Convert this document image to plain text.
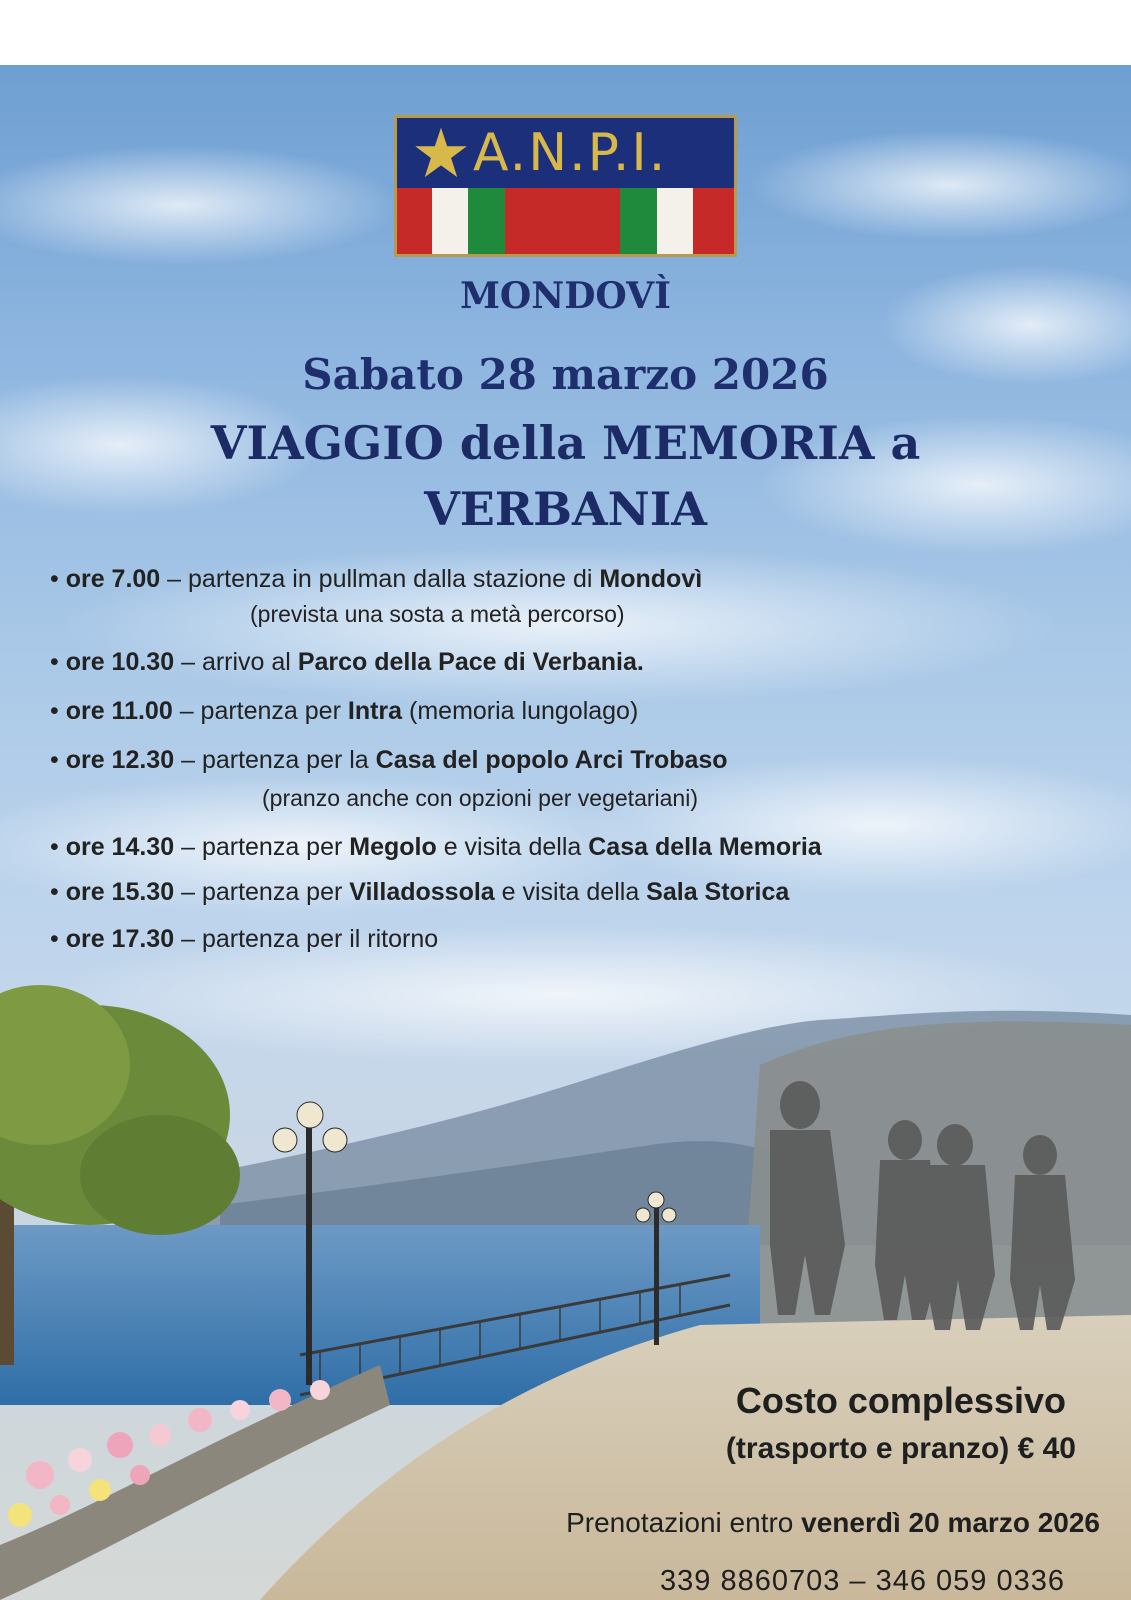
A.N.P.I.
MONDOVÌ
Sabato 28 marzo 2026
VIAGGIO della MEMORIA a
VERBANIA
• ore 7.00 – partenza in pullman dalla stazione di Mondovì
(prevista una sosta a metà percorso)
• ore 10.30 – arrivo al Parco della Pace di Verbania.
• ore 11.00 – partenza per Intra (memoria lungolago)
• ore 12.30 – partenza per la Casa del popolo Arci Trobaso
(pranzo anche con opzioni per vegetariani)
• ore 14.30 – partenza per Megolo e visita della Casa della Memoria
• ore 15.30 – partenza per Villadossola e visita della Sala Storica
• ore 17.30 – partenza per il ritorno
Costo complessivo
(trasporto e pranzo) € 40
Prenotazioni entro venerdì 20 marzo 2026
339 8860703 – 346 059 0336
